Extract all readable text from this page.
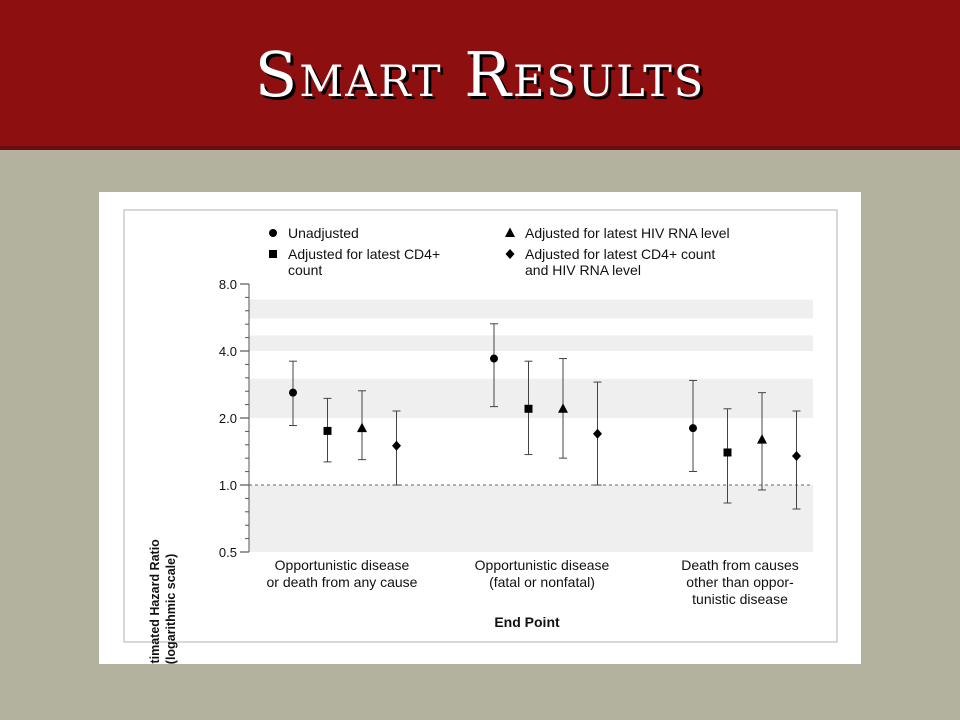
Smart Results
0.5
1.0
2.0
4.0
8.0
Unadjusted
Adjusted for latest CD4+
count
Adjusted for latest HIV RNA level
Adjusted for latest CD4+ count
and HIV RNA level
Opportunistic disease
or death from any cause
Opportunistic disease
(fatal or nonfatal)
Death from causes
other than oppor-
tunistic disease
End Point
Estimated Hazard Ratio (logarithmic scale)
